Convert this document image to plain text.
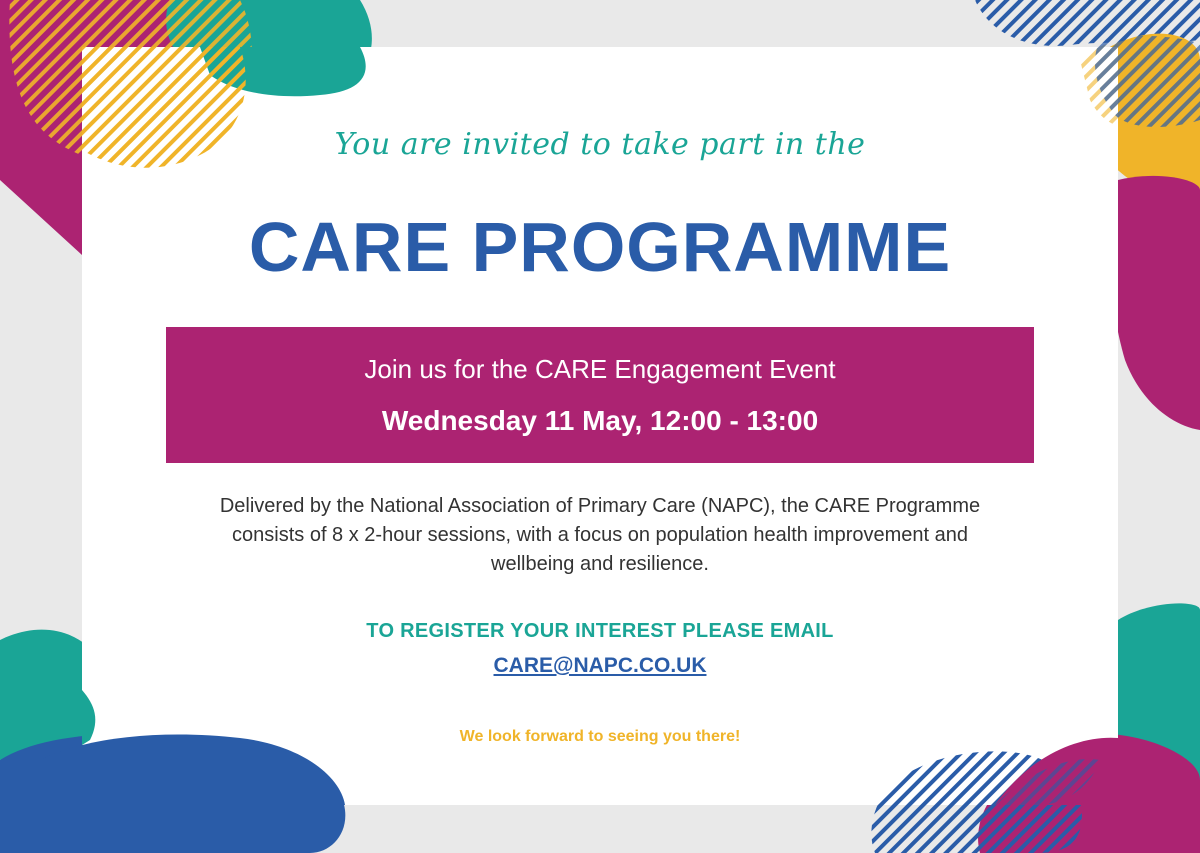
You are invited to take part in the
CARE PROGRAMME
Join us for the CARE Engagement Event
Wednesday 11 May, 12:00 - 13:00
Delivered by the National Association of Primary Care (NAPC), the CARE Programme consists of 8 x 2-hour sessions, with a focus on population health improvement and wellbeing and resilience.
TO REGISTER YOUR INTEREST PLEASE EMAIL
CARE@NAPC.CO.UK
We look forward to seeing you there!
